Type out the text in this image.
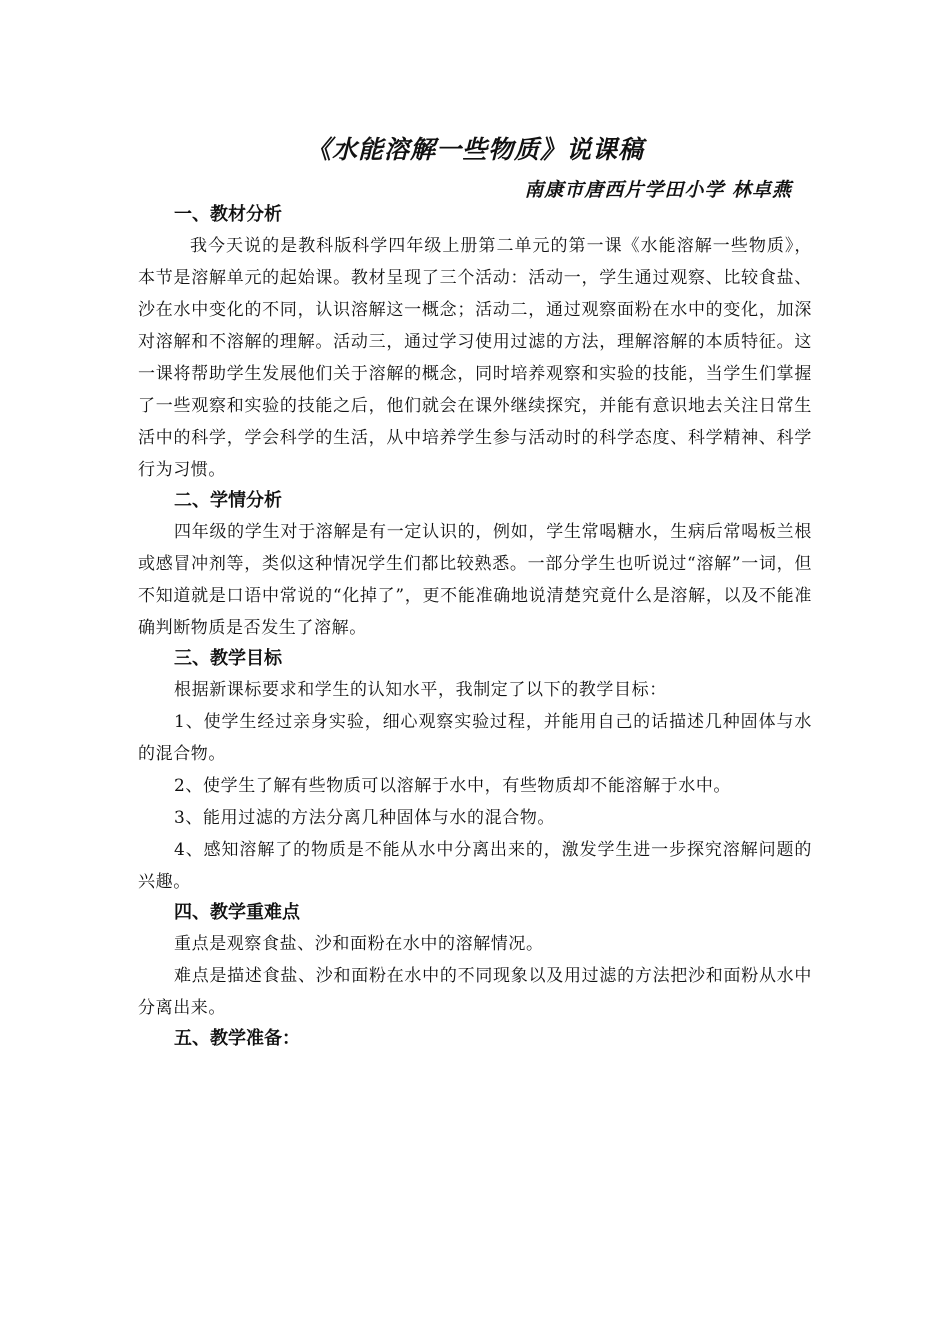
《水能溶解一些物质》说课稿
南康市唐西片学田小学 林卓燕
一、教材分析

我今天说的是教科版科学四年级上册第二单元的第一课《水能溶解一些物质》，本节是溶解单元的起始课。教材呈现了三个活动：活动一，学生通过观察、比较食盐、沙在水中变化的不同，认识溶解这一概念；活动二，通过观察面粉在水中的变化，加深对溶解和不溶解的理解。活动三，通过学习使用过滤的方法，理解溶解的本质特征。这一课将帮助学生发展他们关于溶解的概念，同时培养观察和实验的技能，当学生们掌握了一些观察和实验的技能之后，他们就会在课外继续探究，并能有意识地去关注日常生活中的科学，学会科学的生活，从中培养学生参与活动时的科学态度、科学精神、科学行为习惯。

二、学情分析

四年级的学生对于溶解是有一定认识的，例如，学生常喝糖水，生病后常喝板兰根或感冒冲剂等，类似这种情况学生们都比较熟悉。一部分学生也听说过“溶解”一词，但不知道就是口语中常说的“化掉了”，更不能准确地说清楚究竟什么是溶解，以及不能准确判断物质是否发生了溶解。

三、教学目标

根据新课标要求和学生的认知水平，我制定了以下的教学目标：

1、使学生经过亲身实验，细心观察实验过程，并能用自己的话描述几种固体与水的混合物。

2、使学生了解有些物质可以溶解于水中，有些物质却不能溶解于水中。

3、能用过滤的方法分离几种固体与水的混合物。

4、感知溶解了的物质是不能从水中分离出来的，激发学生进一步探究溶解问题的兴趣。

四、教学重难点

重点是观察食盐、沙和面粉在水中的溶解情况。

难点是描述食盐、沙和面粉在水中的不同现象以及用过滤的方法把沙和面粉从水中分离出来。

五、教学准备：
